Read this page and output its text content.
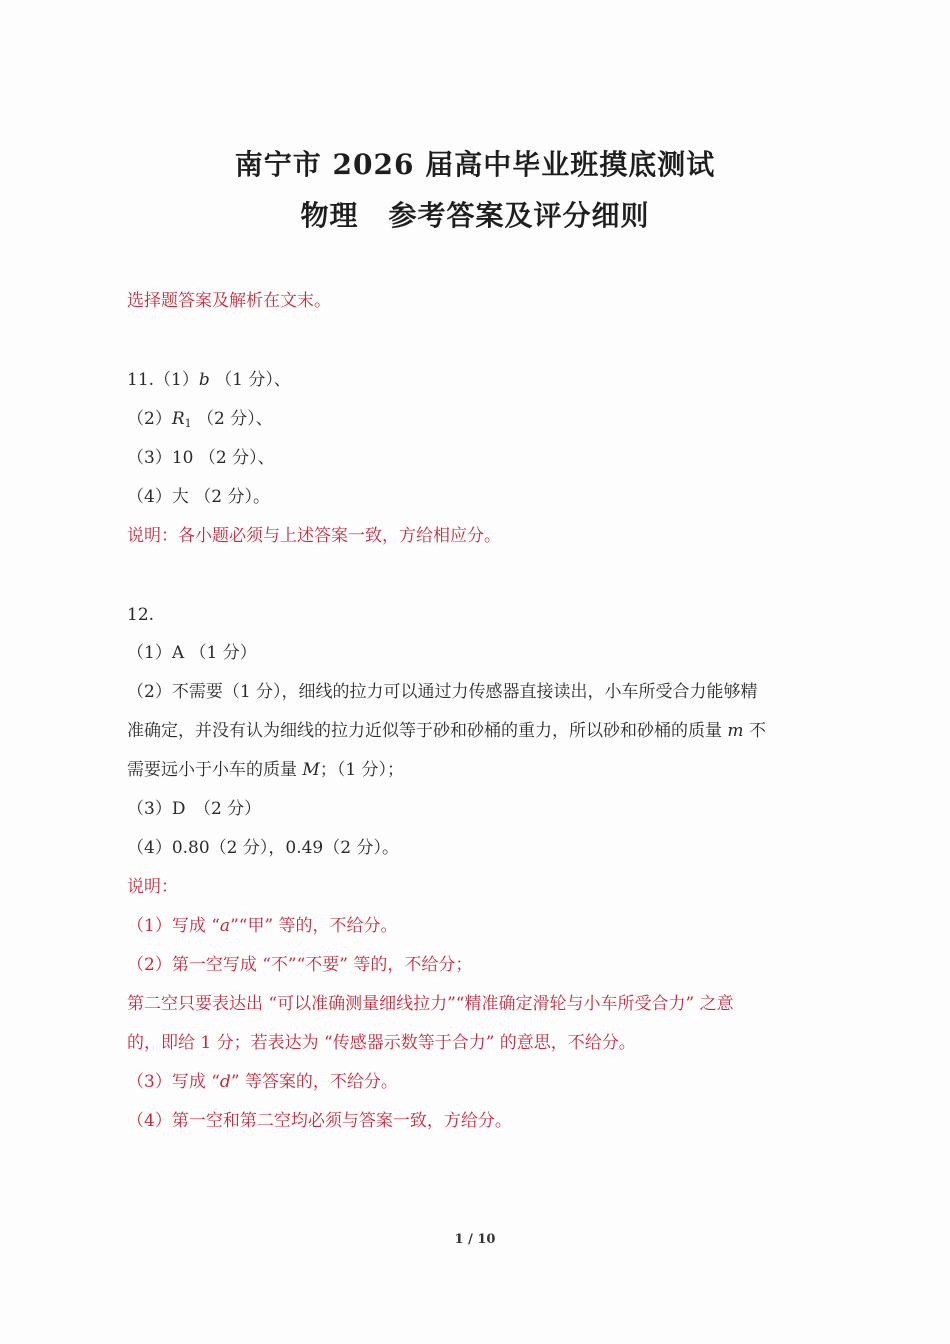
南宁市 2026 届高中毕业班摸底测试
物理 参考答案及评分细则
选择题答案及解析在文末。
11.（1）b （1 分）、
$(2)R_1$ （2 分）、
（3）10 （2 分）、
（4）大 （2 分）。
说明：各小题必须与上述答案一致，方给相应分。
12.
（1）A （1 分）
（2）不需要（1 分），细线的拉力可以通过力传感器直接读出，小车所受合力能够精
准确定，并没有认为细线的拉力近似等于砂和砂桶的重力，所以砂和砂桶的质量 m 不
需要远小于小车的质量 M；（1 分）；
（3）D　（2 分）
（4）0.80（2 分），0.49（2 分）。
说明：
（1）写成 “a”“甲” 等的，不给分。
（2）第一空写成 “不”“不要” 等的，不给分；
第二空只要表达出 “可以准确测量细线拉力”“精准确定滑轮与小车所受合力” 之意
的，即给 1 分；若表达为 “传感器示数等于合力” 的意思，不给分。
（3）写成 “d” 等答案的，不给分。
（4）第一空和第二空均必须与答案一致，方给分。
1 / 10
